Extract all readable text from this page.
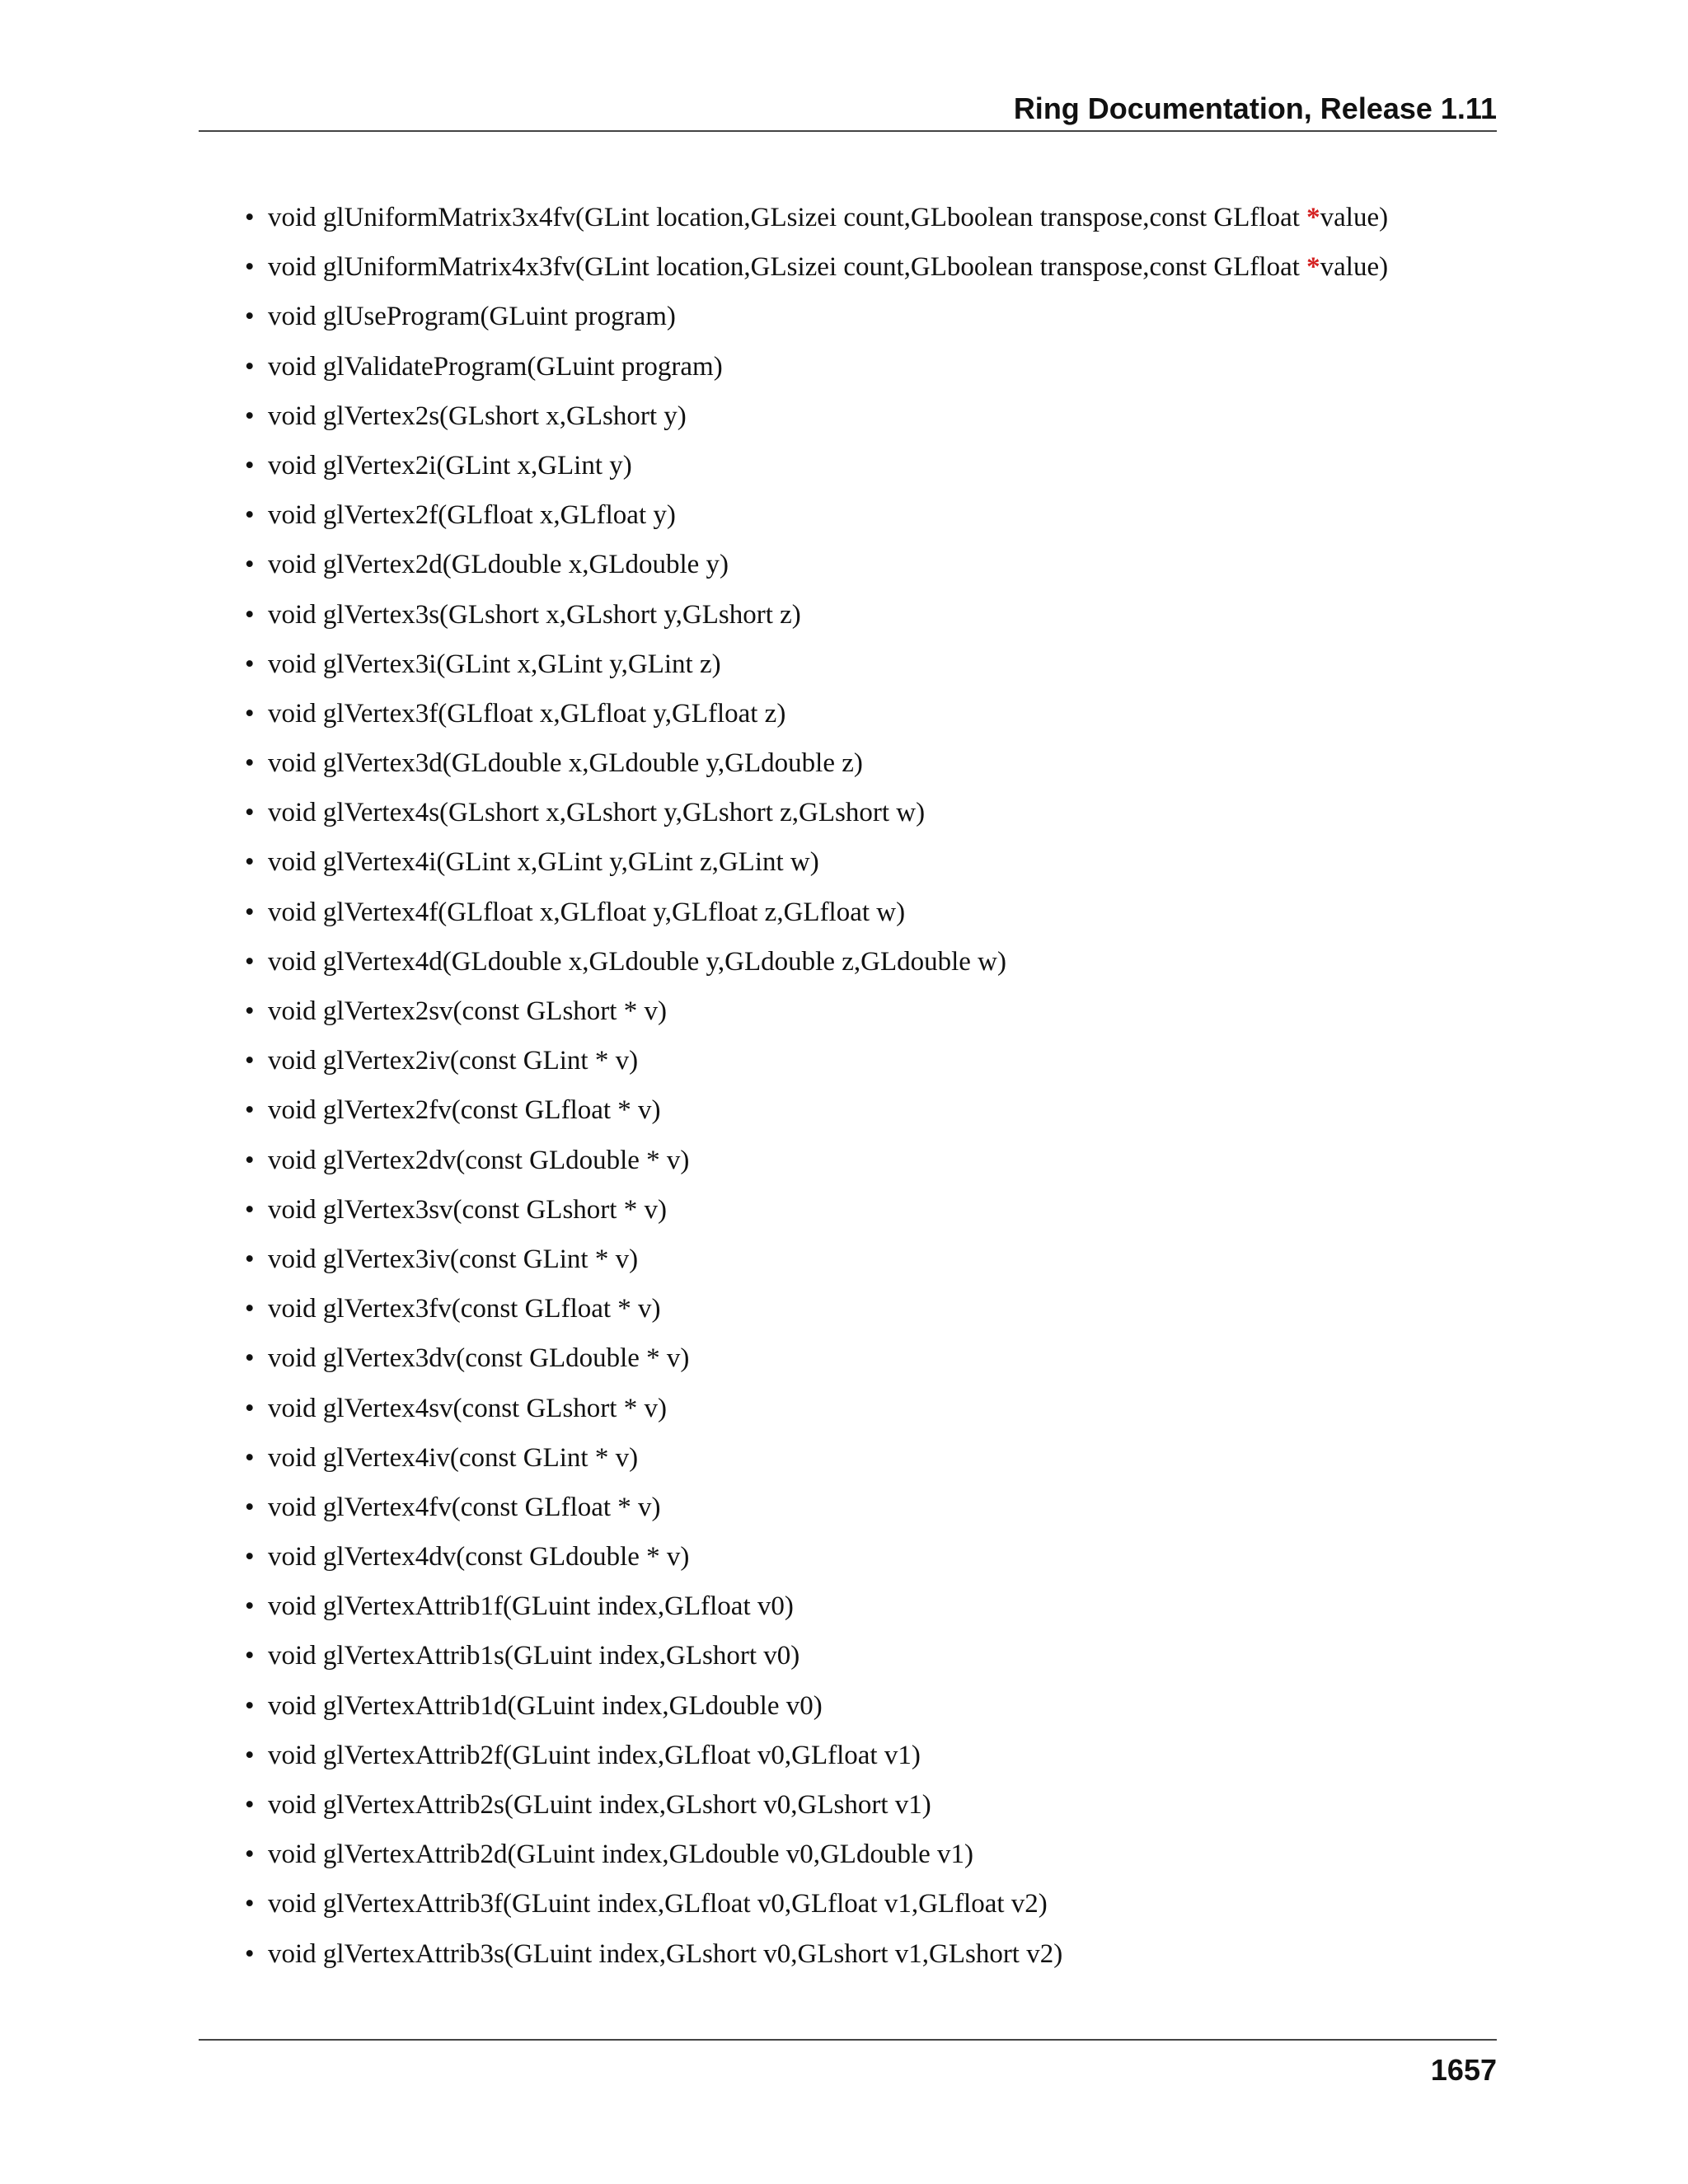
Ring Documentation, Release 1.11
• void glUniformMatrix3x4fv(GLint location,GLsizei count,GLboolean transpose,const GLfloat *value)
• void glUniformMatrix4x3fv(GLint location,GLsizei count,GLboolean transpose,const GLfloat *value)
• void glUseProgram(GLuint program)
• void glValidateProgram(GLuint program)
• void glVertex2s(GLshort x,GLshort y)
• void glVertex2i(GLint x,GLint y)
• void glVertex2f(GLfloat x,GLfloat y)
• void glVertex2d(GLdouble x,GLdouble y)
• void glVertex3s(GLshort x,GLshort y,GLshort z)
• void glVertex3i(GLint x,GLint y,GLint z)
• void glVertex3f(GLfloat x,GLfloat y,GLfloat z)
• void glVertex3d(GLdouble x,GLdouble y,GLdouble z)
• void glVertex4s(GLshort x,GLshort y,GLshort z,GLshort w)
• void glVertex4i(GLint x,GLint y,GLint z,GLint w)
• void glVertex4f(GLfloat x,GLfloat y,GLfloat z,GLfloat w)
• void glVertex4d(GLdouble x,GLdouble y,GLdouble z,GLdouble w)
• void glVertex2sv(const GLshort * v)
• void glVertex2iv(const GLint * v)
• void glVertex2fv(const GLfloat * v)
• void glVertex2dv(const GLdouble * v)
• void glVertex3sv(const GLshort * v)
• void glVertex3iv(const GLint * v)
• void glVertex3fv(const GLfloat * v)
• void glVertex3dv(const GLdouble * v)
• void glVertex4sv(const GLshort * v)
• void glVertex4iv(const GLint * v)
• void glVertex4fv(const GLfloat * v)
• void glVertex4dv(const GLdouble * v)
• void glVertexAttrib1f(GLuint index,GLfloat v0)
• void glVertexAttrib1s(GLuint index,GLshort v0)
• void glVertexAttrib1d(GLuint index,GLdouble v0)
• void glVertexAttrib2f(GLuint index,GLfloat v0,GLfloat v1)
• void glVertexAttrib2s(GLuint index,GLshort v0,GLshort v1)
• void glVertexAttrib2d(GLuint index,GLdouble v0,GLdouble v1)
• void glVertexAttrib3f(GLuint index,GLfloat v0,GLfloat v1,GLfloat v2)
• void glVertexAttrib3s(GLuint index,GLshort v0,GLshort v1,GLshort v2)
1657
